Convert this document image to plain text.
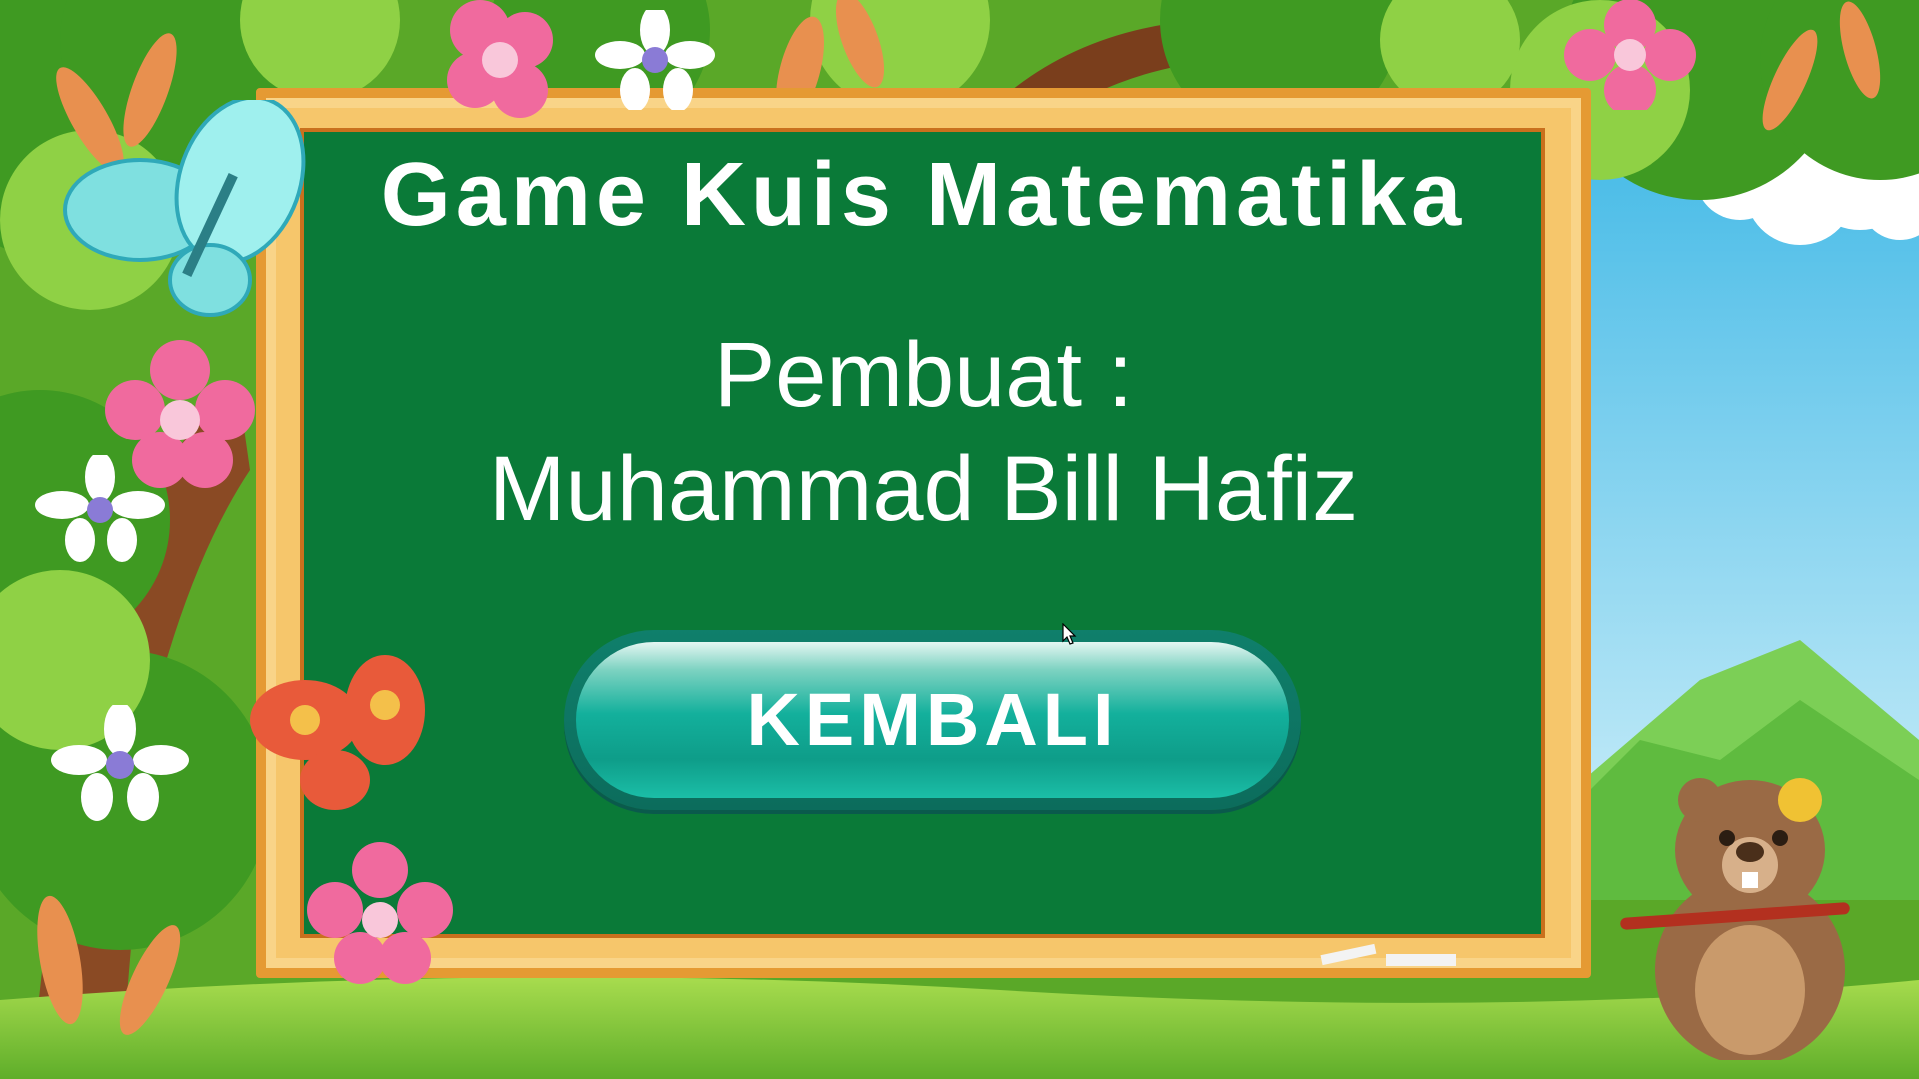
Game Kuis Matematika
Pembuat :
Muhammad Bill Hafiz
KEMBALI
